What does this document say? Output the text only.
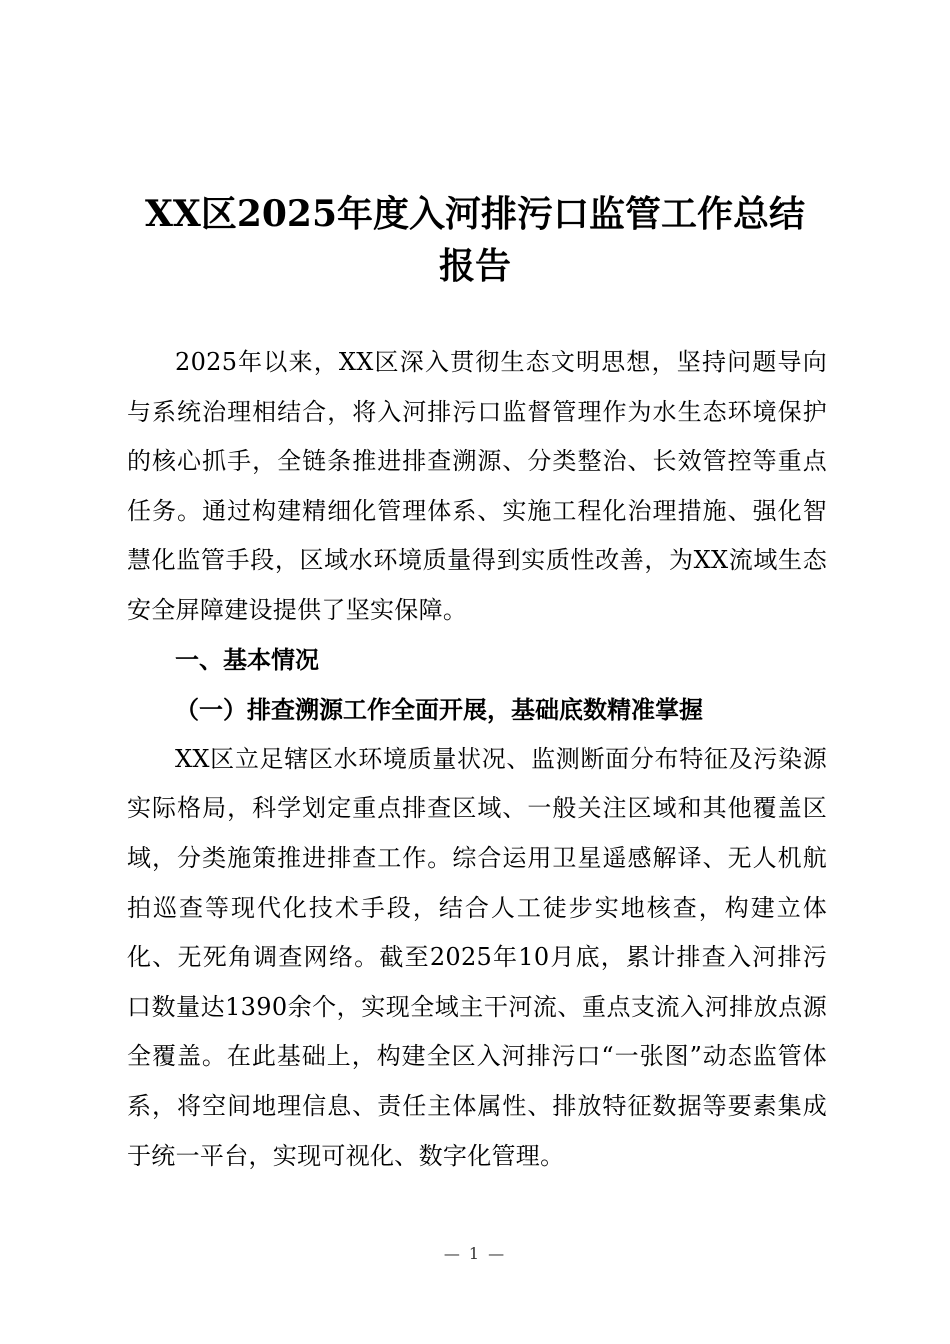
XX区2025年度入河排污口监管工作总结
报告

2025年以来，XX区深入贯彻生态文明思想，坚持问题导向与系统治理相结合，将入河排污口监督管理作为水生态环境保护的核心抓手，全链条推进排查溯源、分类整治、长效管控等重点任务。通过构建精细化管理体系、实施工程化治理措施、强化智慧化监管手段，区域水环境质量得到实质性改善，为XX流域生态安全屏障建设提供了坚实保障。

一、基本情况

（一）排查溯源工作全面开展，基础底数精准掌握

XX区立足辖区水环境质量状况、监测断面分布特征及污染源实际格局，科学划定重点排查区域、一般关注区域和其他覆盖区域，分类施策推进排查工作。综合运用卫星遥感解译、无人机航拍巡查等现代化技术手段，结合人工徒步实地核查，构建立体化、无死角调查网络。截至2025年10月底，累计排查入河排污口数量达1390余个，实现全域主干河流、重点支流入河排放点源全覆盖。在此基础上，构建全区入河排污口“一张图”动态监管体系，将空间地理信息、责任主体属性、排放特征数据等要素集成于统一平台，实现可视化、数字化管理。

— 1 —
